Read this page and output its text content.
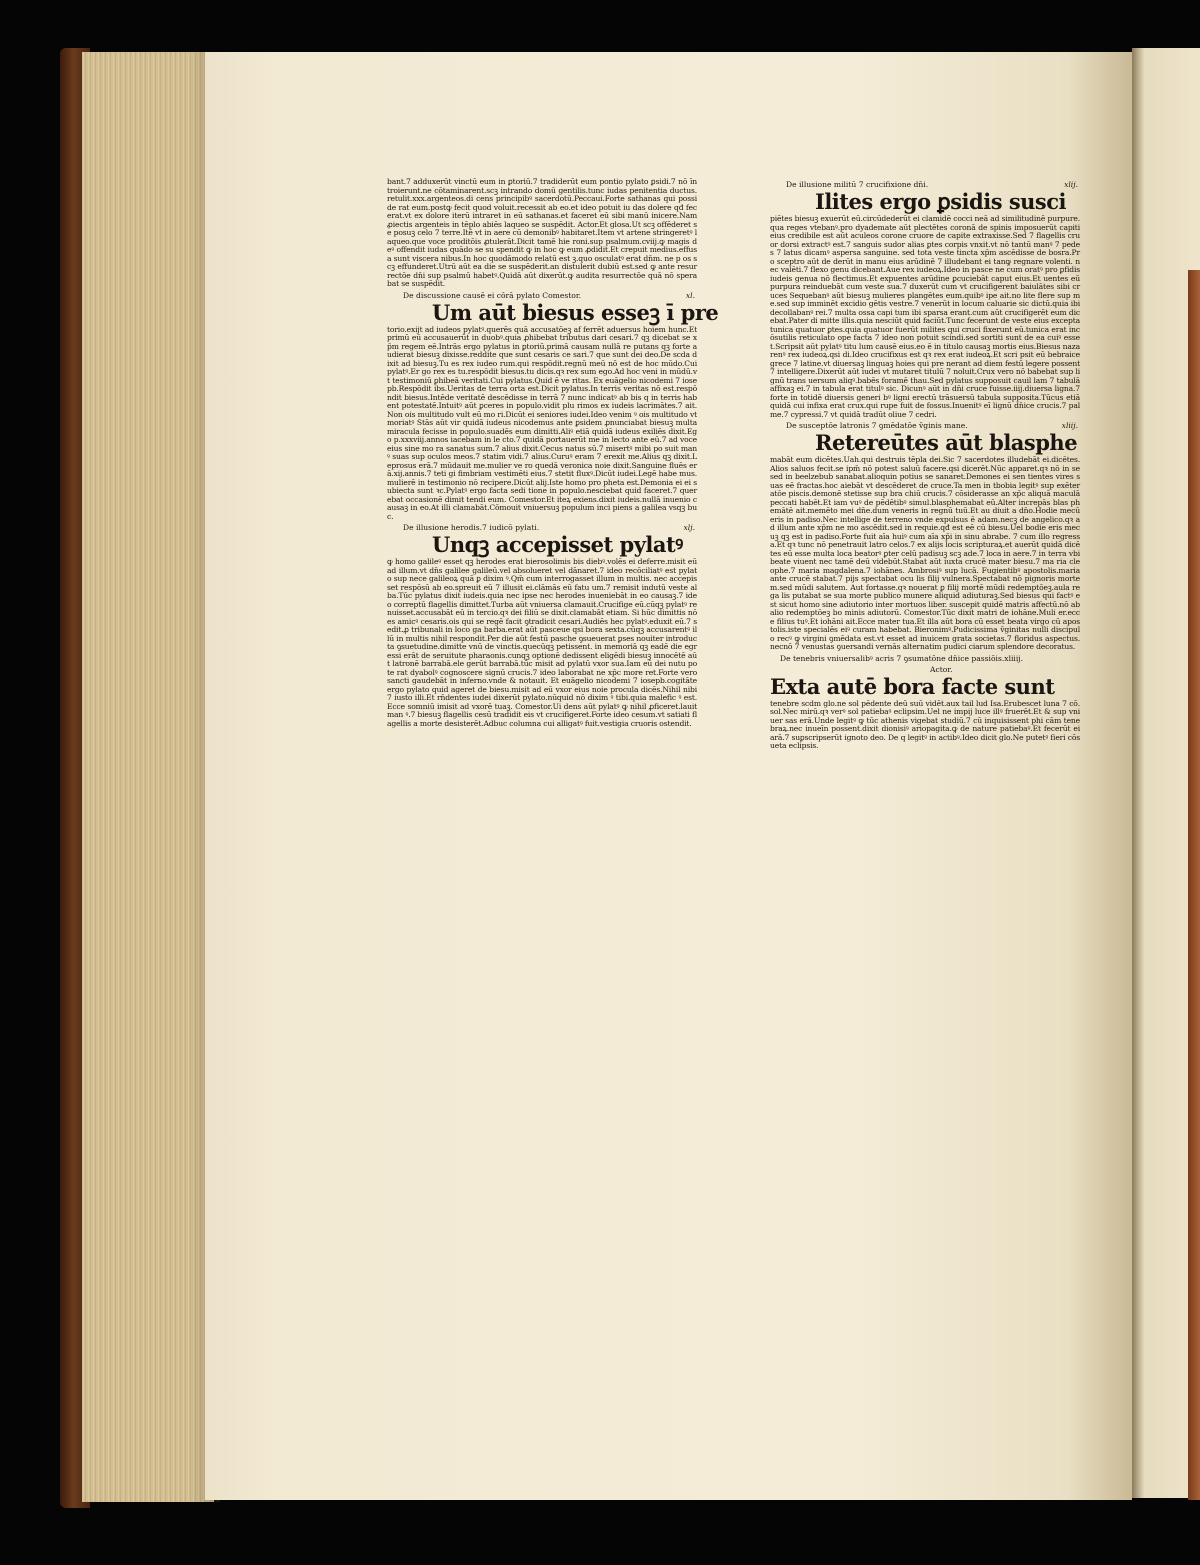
bant.7 adduxerūt vinctū eum in ꝑtoriū.7 tradiderūt eum pontio pylato ꝑsidi.7 nō īn troierunt.ne cōtaminarent.scꝫ intrando domū gentilis.tunc iudas penitentia ductus.retulit.xxx.argenteos.di cens principibꝰ sacerdotū.Peccaui.Forte sathanas qui posside rat eum.postꝙ fecit quod voluit.recessit ab eo.et ideo potuit iu das dolere qđ fecerat.vt ex dolore iterū intraret in eū sathanas.et faceret eū sibi manū inicere.Nam ꝓiectis argenteis in tēplo abiēs laqueo se suspēdit. Actor.Et glosa.Ut scꝫ offēderet se posuꝫ celo 7 terre.Itē vt in aere cū demonibꝰ habitaret.Item vt artene stringeretꝰ laqueo.que voce proditōis ꝓtulerāt.Dicit tamē hie roni.sup psalmum.cviij.ꝙ magis deꝰ offendit iudas quādo se su spendit ꝙ in hoc ꝙ eum ꝓdidit.Et crepuit medius.effusa sunt viscera nibus.In hoc quodāmodo relatū est ꝫ.quo osculatꝰ erat dn̄m. ne p os scꝫ effunderet.Utrū aūt ea die se suspēderit.an distulerit dubiū est.sed ꝙ ante resurrectōe dn̄i sup psalmū habetꝰ.Quidā aūt dixerūt.ꝙ audita resurrectōe quā nō sperabat se suspēdit.

De discussione causē ei cōrā pylato Comestor.	xl.
Um aūt biesus esseꝫ ī pre

torio.exijt ad iudeos pylatꝰ.querēs quā accusatōeꝫ af ferrēt aduersus hoiem hunc.Et primū eū accusauerūt in duobꝰ.quia ꝓhibebat tributus dari cesari.7 qꝫ dicebat se xp̄m regem eē.Intrās ergo pylatus in ꝑtoriū.primā causam nullā re putans qꝫ forte audierat biesuꝫ dixisse.reddite que sunt cesaris ce sari.7 que sunt dei deo.De scda dixit ad biesuꝫ.Tu es rex iudeo rum.qui respōdit.regnū meū nō est de hoc mūdo.Cui pylatꝰ.Er go rex es tu.respōdit biesus.tu dicis.qꝛ rex sum ego.Ad hoc veni in mūdū.vt testimoniū ꝑhibeā veritati.Cui pylatus.Quid ē ve ritas. Ex euāgelio nicodemi 7 iosepb.Respōdit ibs.Ueritas de terra orta est.Dicit pylatus.In terris veritas nō est.respōndit biesus.Intēde veritatē descēdisse in terrā 7 nunc indicatꝰ ab bis q in terris habent potestatē.Intuitꝰ aūt ꝑceres in populo.vidit plu rimos ex iudeis lacrimātes.7 ait.Non ois multitudo vult eū mo ri.Dicūt ei seniores iudei.Ideo venim ꝰ ois multitudo vt moriatꝰ Stās aūt vir quidā iudeus nicodemus ante ꝑsidem ꝓnunciabat biesuꝫ multa miracula fecisse in populo.suadēs eum dimitti.Aliꝰ etiā quidā iudeus exiliēs dixit.Ego p.xxxviij.annos iacebam in le cto.7 quidā portauerūt me in lecto ante eū.7 ad voce eius sine mo ra sanatus sum.7 alius dixit.Cecus natus sū.7 misertꝰ mibi po suit manꝰ suas sup oculos meos.7 statim vidi.7 alius.Curuꝰ eram 7 erexit me.Alius qꝫ dixit.Leprosus erā.7 mūdauit me.mulier ve ro quedā veronica noie dixit.Sanguine fluēs erā.xij.annis.7 teti gi fimbriam vestimēti eius.7 stetit fluxꝰ.Dicūt iudei.Legē habe mus.mulierē in testimonio nō recipere.Dicūt alij.Iste homo pro pheta est.Demonia ei ei subiecta sunt ꝛc.Pylatꝰ ergo facta sedi tione in populo.nesciebat quid faceret.7 querebat occasionē dimit tendi eum. Comestor.Et iteꝝ exiens.dixit iudeis.nullā inuenio causaꝫ in eo.At illi clamabāt.Cōmouit vniuersuꝫ populum inci piens a galilea vsqꝫ buc.

De illusione herodis.7 iudicō pylati.	xlj.
Unqꝫ accepisset pylatꝰ

ꝙ homo galileꝰ esset qꝫ herodes erat bierosolimis bis diebꝰ.volēs ei deferre.misit eū ad illum.vt dn̄s galilee galileū.vel absolueret vel dānaret.7 ideo recōciliatꝰ est pylato sup nece galileoꝝ quā ꝑ dixim ꝰ.Qm̄ cum interrogasset illum in multis. nec accepisset respōsū ab eo.spreuit eū 7 illusit ei.clāmās eū fatu um.7 remisit indutū veste alba.Tūc pylatus dixit iudeis.quia nec ipse nec herodes inueniebāt in eo causaꝫ.7 ideo correptū flagellis dimittet.Turba aūt vniuersa clamauit.Crucifige eū.cūqꝫ pylatꝰ renuisset.accusabāt eū in tercio.qꝛ dei filiū se dixit.clamabāt etiam. Si hūc dimittis nō es amicꝰ cesaris.ois qui se regē facit ꝯtradicit cesari.Audiēs hec pylatꝰ.eduxit eū.7 sedit.ꝓ tribunali in loco ga barba.erat aūt pasceue qsi bora sexta.cūqꝫ accusarentꝰ illū in multis nihil respondit.Per die aūt festū pasche ꝯsueuerat ꝑses nouiter introducta ꝯsuetudine.dimitte vnū de vinctis.quecūqꝫ petissent. in memoriā qꝫ eadē die egressi erāt de seruitute pharaonis.cunqꝫ optionē dedissent eligēdi biesuꝫ innocētē aūt latronē barrabā.ele gerūt barrabā.tūc misit ad pylatū vxor sua.Iam eū dei nutu pote rat dyabolꝰ cognoscere signū crucis.7 ideo laborabat ne xp̄c more ret.Forte vero sancti gaudebāt in inferno.vnde & notauit. Et euāgelio nicodemi 7 iosepb.cogitāte ergo pylato quid ageret de biesu.misit ad eū vxor eius noie procula dicēs.Nihil nibi 7 iusto illi.Et rn̄dentes iudei dixerūt pylato.nūquid nō dixim ꝰ tibi.quia malefic ꝰ est.Ecce somniū imisit ad vxorē tuaꝫ. Comestor.Ui dens aūt pylatꝰ ꝙ nihil ꝓficeret.lauit man ꝰ.7 biesuꝫ flagellis cesū tradidit eis vt crucifigeret.Forte ideo cesum.vt satiati flagellis a morte desisterēt.Adbuc columna cui alligatꝰ fuit.vestigia cruoris ostendit.

De illusione militū 7 crucifixione dn̄i.	xlij.
Ilites ergo ꝑsidis susci

piētes biesuꝫ exuerūt eū.circūdederūt ei clamidē cocci neā ad similitudinē purpure.qua reges vtebanꝰ.pro dyademate aūt plectētes coronā de spinis imposuerūt capiti eius credibile est aūt aculeos corone cruore de capite extraxisse.Sed 7 flagellis cruor dorsi extractꝰ est.7 sanguis sudor alias ꝑtes corpis vnxit.vt nō tantū manꝰ 7 pedes 7 latus dicamꝰ aspersa sanguine. sed tota veste tincta xp̄m ascēdisse de bosra.Pro sceptro aūt de derūt in manu eius arūdinē 7 illudebant ei tanꝙ regnare volenti. nec valēti.7 flexo genu dicebant.Aue rex iudeoꝝ.Ideo in pasce ne cum oratꝰ pro ꝑfidis iudeis genua nō flectimus.Et expuentes arūdine ꝑcuciebāt caput eius.Et uentes eū purpura reinduebāt cum veste sua.7 duxerūt cum vt crucifigerent baiulātes sibi cruces Sequebanꝰ aūt biesuꝫ mulieres plangētes eum.quibꝰ ipe ait.no lite flere sup me.sed sup imminēt excidio gētis vestre.7 venerūt in locum caluarie sic dictū.quia ibi decollabanꝰ rei.7 multa ossa capi tum ibi sparsa erant.cum aūt crucifigerēt eum dicebat.Pater di mitte illis.quia nesciūt quid faciūt.Tunc fecerunt de veste eius excepta tunica quatuor ꝑtes.quia quatuor fuerūt milites qui cruci fixerunt eū.tunica erat incōsutilis reticulato ope facta 7 ideo non potuit scindi.sed sortiti sunt de ea cuiꝰ esset.Scripsit aūt pylatꝰ titu lum causē eius.eo ē in titulo causaꝫ mortis eius.Biesus nazarenꝰ rex iudeoꝝ.qsi di.Ideo crucifixus est qꝛ rex erat iudeoꝝ.Et scri psit eū bebraice grece 7 latine.vt diuersaꝫ linguaꝫ hoies qui pre nerant ad diem festū legere possent 7 intelligere.Dixerūt aūt iudei vt mutaret titulū 7 noluit.Crux vero nō babebat sup lignū trans uersum aliqꝰ.babēs foramē thau.Sed pylatus supposuit cauil lam 7 tabulā affixaꝫ ei.7 in tabula erat titulꝰ sic. Dicunꝰ aūt in dn̄i cruce fuisse.iiij.diuersa ligna.7 forte in totidē diuersis generi bꝰ ligni erectū trāsuersū tabula supposita.Tūcus etiā quidā cui infixa erat crux.qui rupe fuit de fossus.Inuenitꝰ eī lignū dn̄ice crucis.7 palme.7 cypressi.7 vt quidā tradūt oliue 7 cedri.

De susceptōe latronis 7 ꝯmēdatōe v̄ginis mane.	xliij.
Retereūtes aūt blasphe

mabāt eum dicētes.Uah.qui destruis tēpla dei.Sic 7 sacerdotes illudebāt ei.dicētes.Alios saluos fecit.se ipm̄ nō potest saluū facere.qsi dicerēt.Nūc apparet.qꝛ nō in se sed in beelzebub sanabat.alioquin potius se sanaret.Demones ei sen tientes vires suas eē fractas.hoc aiebāt vt descēderet de cruce.Ta men in tbobia legitꝰ sup exēteratōe piscis.demonē stetisse sup bra chiū crucis.7 cōsiderasse an xp̄c aliquā maculā peccati habēt.Et iam vuꝰ de pēdētibꝰ simul.blasphemabat eū.Alter increpās blas phemātē ait.memēto mei dn̄e.dum veneris in regnū tuū.Et au diuit a dn̄o.Hodie mecū eris in padiso.Nec intellige de terreno vnde expulsus ē adam.necꝫ de angelico.qꝛ ad illum ante xp̄m ne mo ascēdit.sed in requie.qđ est eē cū biesu.Uel bodie eris mecuꝫ qꝫ est in padiso.Forte fuit aīa huiꝰ cum aīa xp̄i in sinu abrabe. 7 cum illo regressa.Et qꝛ tunc nō penetrauit latro celos.7 ex alijs locis scripturaꝝ.et auerūt quidā dicētes eū esse multa loca beatorꝰ ꝑter celū padisuꝫ scꝫ ade.7 loca in aere.7 in terra vbi beate viuent nec tamē deū videbūt.Stabat aūt iuxta crucē mater biesu.7 ma ria cleophe.7 maria magdalena.7 iohānes. Ambrosiꝰ sup lucā. Fugientibꝰ apostolis.maria ante crucē stabat.7 pijs spectabat ocu lis filij vulnera.Spectabat nō pignoris mortem.sed mūdi salutem. Aut fortasse.qꝛ nouerat ꝑ filij mortē mūdi redemptōeꝫ.aula rega lis putabat se sua morte publico munere aliquid adiuturaꝫ.Sed biesus qui factꝰ est sicut homo sine adiutorio inter mortuos liber. suscepit quidē matris affectū.nō ab alio redemptōeꝫ bo minis adiutorū. Comestor.Tūc dixit matri de iohāne.Muli er.ecce filius tuꝰ.Et iohāni ait.Ecce mater tua.Et illa aūt bora cū esset beata virgo cū apostolis.iste specialēs eiꝰ curam habebat. Bieronimꝰ.Pudicissima v̄ginitas nulli discipulo recꝰ ꝙ virgini ꝯmēdata est.vt esset ad inuicem grata societas.7 floridus aspectus.necnō 7 venustas ꝯuersandi vernās alternatim pudici ciarum splendore decoratus.

De tenebris vniuersalibꝰ acris 7 ꝯsumatōne dn̄ice passiōis.xliiij.
Actor.
Exta autē bora facte sunt

tenebre scdm glo.ne sol pēdente deū suū vidēt.aux tail lud Isa.Erubescet luna 7 cō.sol.Nec mirū.qꝛ verꝰ sol patiebaꝰ eclipsim.Uel ne impij luce illꝰ fruerēt.Et & sup vniuer sas erā.Unde legitꝰ ꝙ tūc athenis vigebat studiū.7 cū inquisissent phi cām tenebraꝝ.nec inueīn possent.dixit dionisiꝰ ariopagita.ꝙ de nature patiebaꝰ.Et fecerūt ei arā.7 suꝑscripserūt ignoto deo. De q legitꝰ in actibꝰ.Ideo dicit glo.Ne putetꝰ fieri cōsueta eclipsis.
